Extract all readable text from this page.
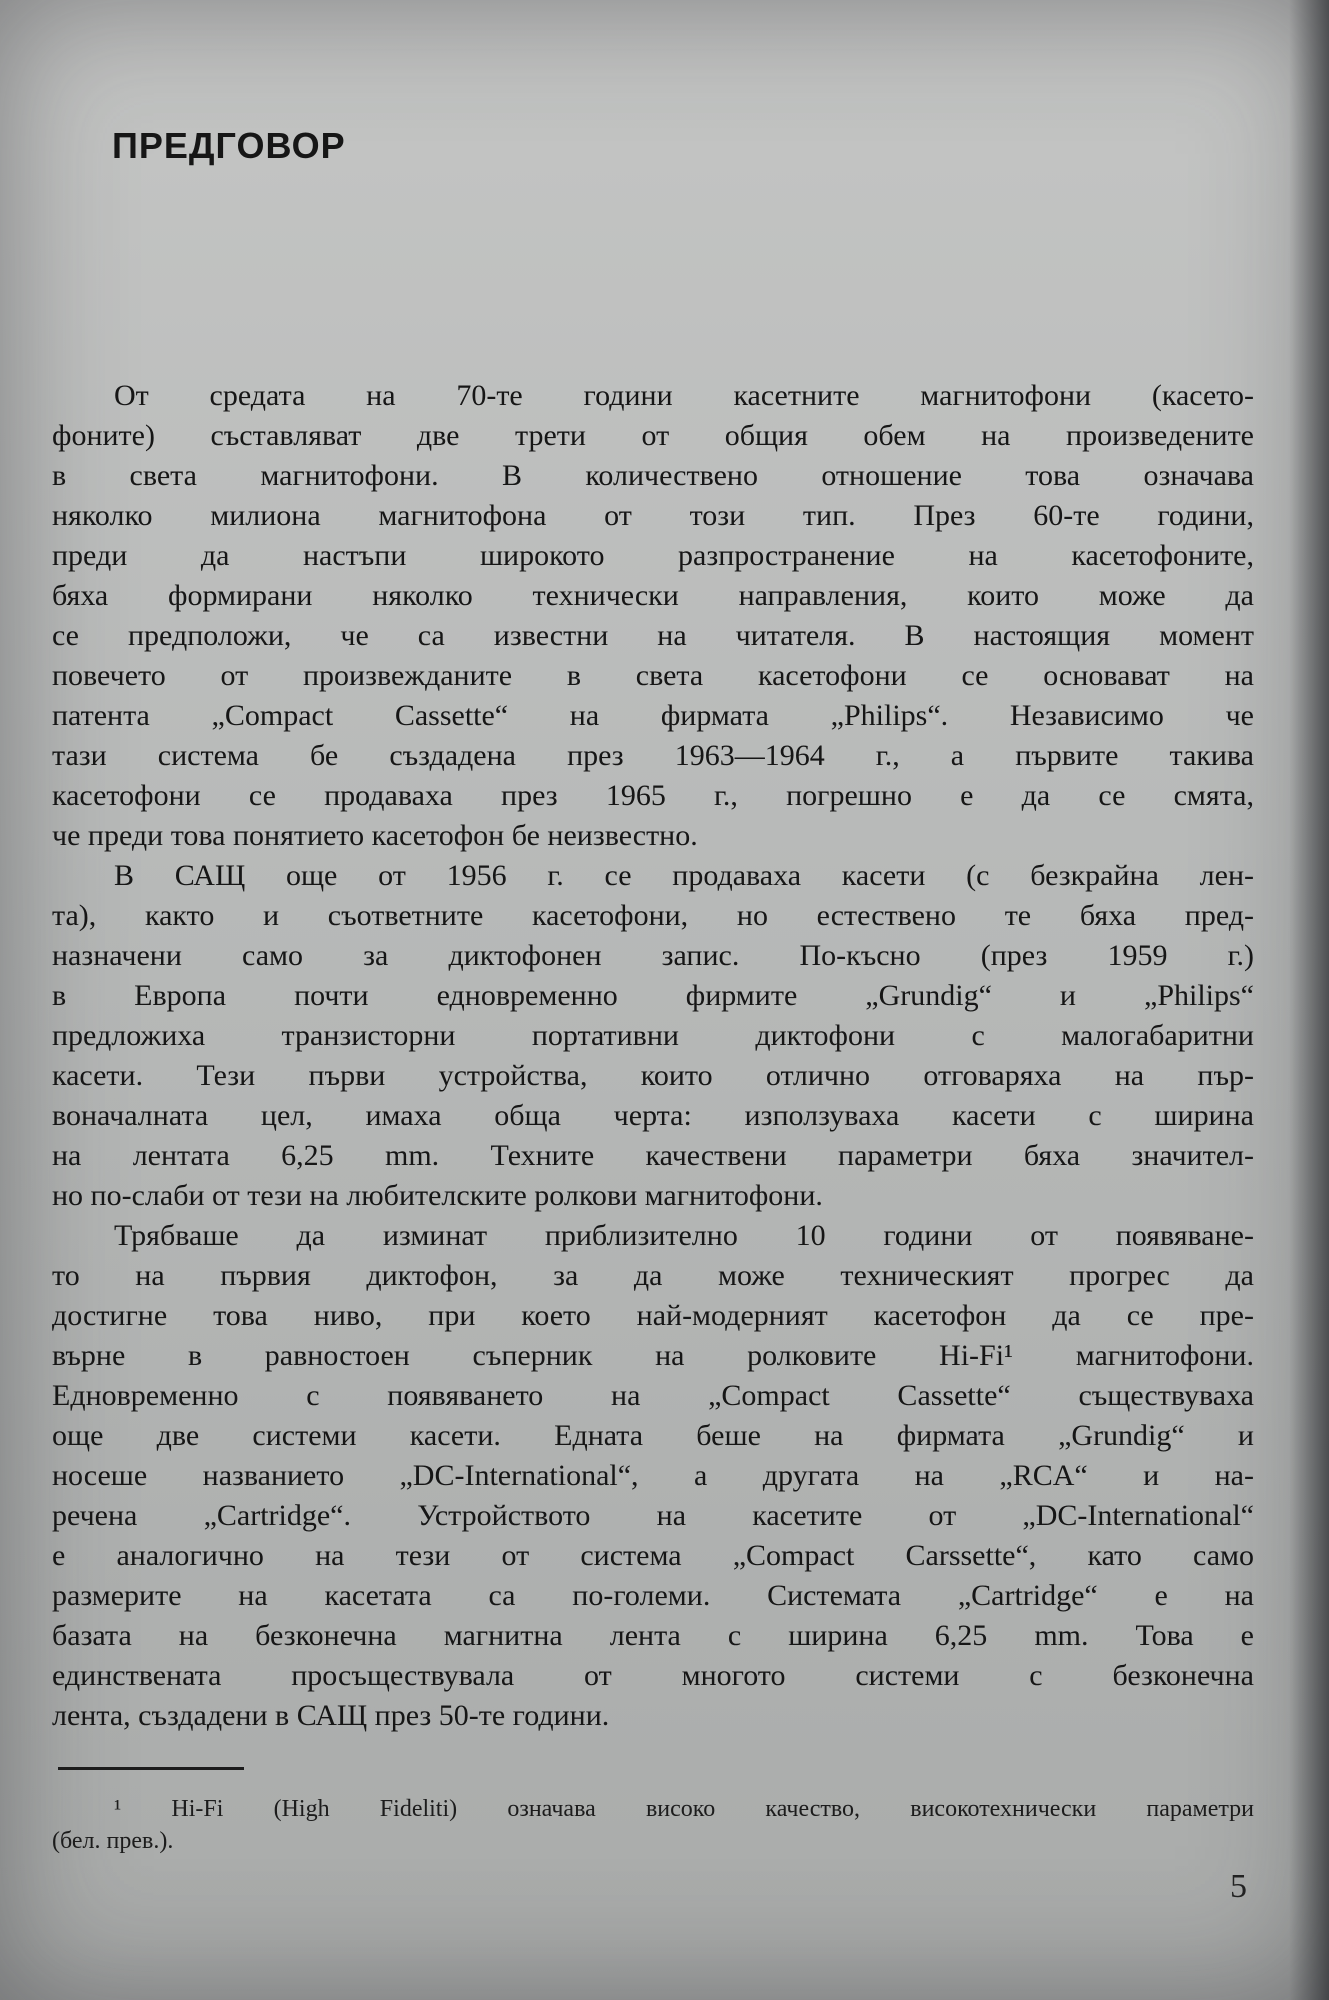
ПРЕДГОВОР

От средата на 70-те години касетните магнитофони (касето-
фоните) съставляват две трети от общия обем на произведените
в света магнитофони. В количествено отношение това означава
няколко милиона магнитофона от този тип. През 60-те години,
преди да настъпи широкото разпространение на касетофоните,
бяха формирани няколко технически направления, които може да
се предположи, че са известни на читателя. В настоящия момент
повечето от произвежданите в света касетофони се основават на
патента „Compact Cassette“ на фирмата „Philips“. Независимо че
тази система бе създадена през 1963—1964 г., а първите такива
касетофони се продаваха през 1965 г., погрешно е да се смята,
че преди това понятието касетофон бе неизвестно.

В САЩ още от 1956 г. се продаваха касети (с безкрайна лен-
та), както и съответните касетофони, но естествено те бяха пред-
назначени само за диктофонен запис. По-късно (през 1959 г.)
в Европа почти едновременно фирмите „Grundig“ и „Philips“
предложиха транзисторни портативни диктофони с малогабаритни
касети. Тези първи устройства, които отлично отговаряха на пър-
воначалната цел, имаха обща черта: използуваха касети с ширина
на лентата 6,25 mm. Техните качествени параметри бяха значител-
но по-слаби от тези на любителските ролкови магнитофони.

Трябваше да изминат приблизително 10 години от появяване-
то на първия диктофон, за да може техническият прогрес да
достигне това ниво, при което най-модерният касетофон да се пре-
върне в равностоен съперник на ролковите Hi-Fi¹ магнитофони.
Едновременно с появяването на „Compact Cassette“ съществуваха
още две системи касети. Едната беше на фирмата „Grundig“ и
носеше названието „DC-International“, а другата на „RCA“ и на-
речена „Cartridge“. Устройството на касетите от „DC-International“
е аналогично на тези от система „Compact Carssette“, като само
размерите на касетата са по-големи. Системата „Cartridge“ е на
базата на безконечна магнитна лента с ширина 6,25 mm. Това е
единствената просъществувала от многото системи с безконечна
лента, създадени в САЩ през 50-те години.

¹ Hi-Fi (High Fideliti) означава високо качество, високотехнически параметри
(бел. прев.).
5
